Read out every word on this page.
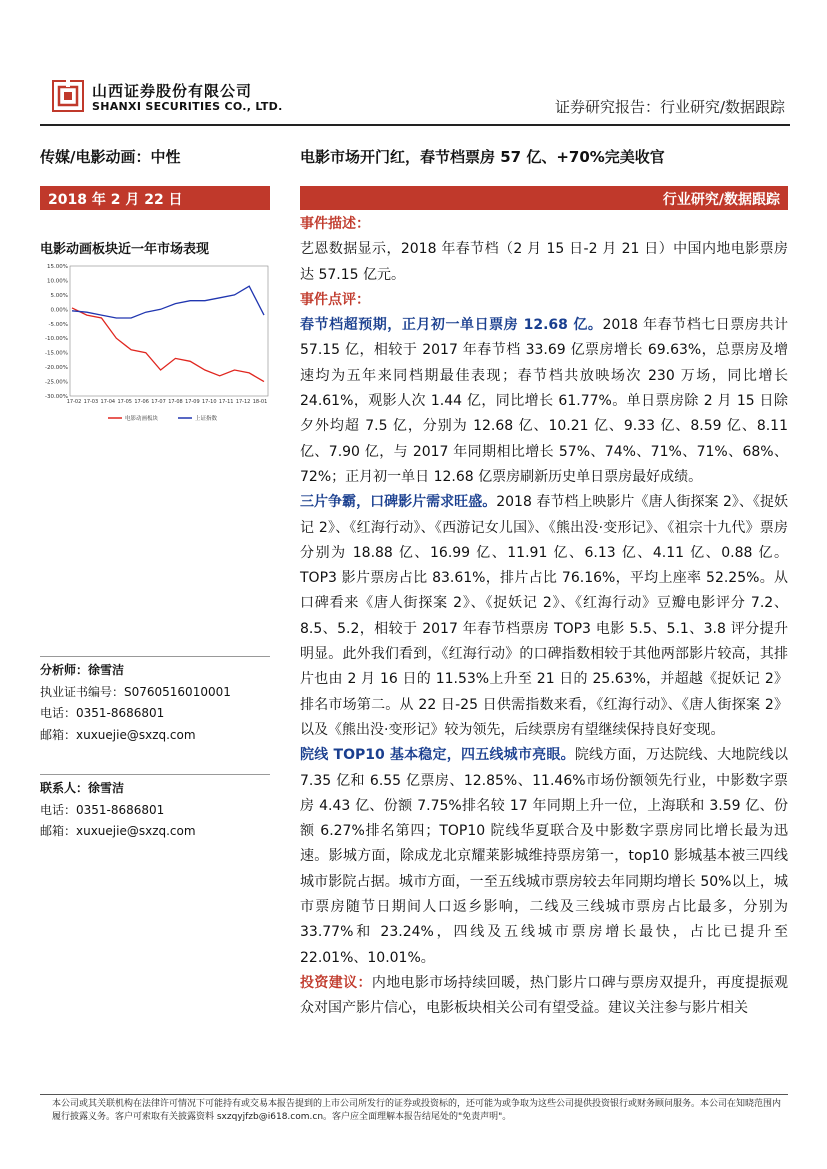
山西证券股份有限公司
SHANXI SECURITIES CO., LTD.	证券研究报告：行业研究/数据跟踪
传媒/电影动画：中性	电影市场开门红，春节档票房 57 亿、+70%完美收官
2018 年 2 月 22 日	行业研究/数据跟踪
电影动画板块近一年市场表现
15.00%
10.00%
5.00%
0.00%
-5.00%
-10.00%
-15.00%
-20.00%
-25.00%
-30.00%
17-02 17-03 17-04 17-05 17-06 17-07 17-08 17-09 17-10 17-11 17-12 18-01
电影动画板块	上证指数
分析师：徐雪洁
执业证书编号：S0760516010001
电话：0351-8686801
邮箱：xuxuejie@sxzq.com
联系人：徐雪洁
电话：0351-8686801
邮箱：xuxuejie@sxzq.com
事件描述：
艺恩数据显示，2018 年春节档（2 月 15 日-2 月 21 日）中国内地电影票房达 57.15 亿元。
事件点评：
春节档超预期，正月初一单日票房 12.68 亿。2018 年春节档七日票房共计 57.15 亿，相较于 2017 年春节档 33.69 亿票房增长 69.63%，总票房及增速均为五年来同档期最佳表现；春节档共放映场次 230 万场，同比增长 24.61%，观影人次 1.44 亿，同比增长 61.77%。单日票房除 2 月 15 日除夕外均超 7.5 亿，分别为 12.68 亿、10.21 亿、9.33 亿、8.59 亿、8.11 亿、7.90 亿，与 2017 年同期相比增长 57%、74%、71%、71%、68%、72%；正月初一单日 12.68 亿票房刷新历史单日票房最好成绩。
三片争霸，口碑影片需求旺盛。2018 春节档上映影片《唐人街探案 2》、《捉妖记 2》、《红海行动》、《西游记女儿国》、《熊出没·变形记》、《祖宗十九代》票房分别为 18.88 亿、16.99 亿、11.91 亿、6.13 亿、4.11 亿、0.88 亿。TOP3 影片票房占比 83.61%，排片占比 76.16%，平均上座率 52.25%。从口碑看来《唐人街探案 2》、《捉妖记 2》、《红海行动》豆瓣电影评分 7.2、8.5、5.2，相较于 2017 年春节档票房 TOP3 电影 5.5、5.1、3.8 评分提升明显。此外我们看到，《红海行动》的口碑指数相较于其他两部影片较高，其排片也由 2 月 16 日的 11.53%上升至 21 日的 25.63%，并超越《捉妖记 2》排名市场第二。从 22 日-25 日供需指数来看，《红海行动》、《唐人街探案 2》以及《熊出没·变形记》较为领先，后续票房有望继续保持良好变现。
院线 TOP10 基本稳定，四五线城市亮眼。院线方面，万达院线、大地院线以 7.35 亿和 6.55 亿票房、12.85%、11.46%市场份额领先行业，中影数字票房 4.43 亿、份额 7.75%排名较 17 年同期上升一位，上海联和 3.59 亿、份额 6.27%排名第四；TOP10 院线华夏联合及中影数字票房同比增长最为迅速。影城方面，除成龙北京耀莱影城维持票房第一，top10 影城基本被三四线城市影院占据。城市方面，一至五线城市票房较去年同期均增长 50%以上，城市票房随节日期间人口返乡影响，二线及三线城市票房占比最多，分别为 33.77%和 23.24%，四线及五线城市票房增长最快，占比已提升至 22.01%、10.01%。
投资建议：内地电影市场持续回暖，热门影片口碑与票房双提升，再度提振观众对国产影片信心，电影板块相关公司有望受益。建议关注参与影片相关
本公司或其关联机构在法律许可情况下可能持有或交易本报告提到的上市公司所发行的证券或投资标的，还可能为或争取为这些公司提供投资银行或财务顾问服务。本公司在知晓范围内履行披露义务。客户可索取有关披露资料 sxzqyjfzb@i618.com.cn。客户应全面理解本报告结尾处的"免责声明"。
